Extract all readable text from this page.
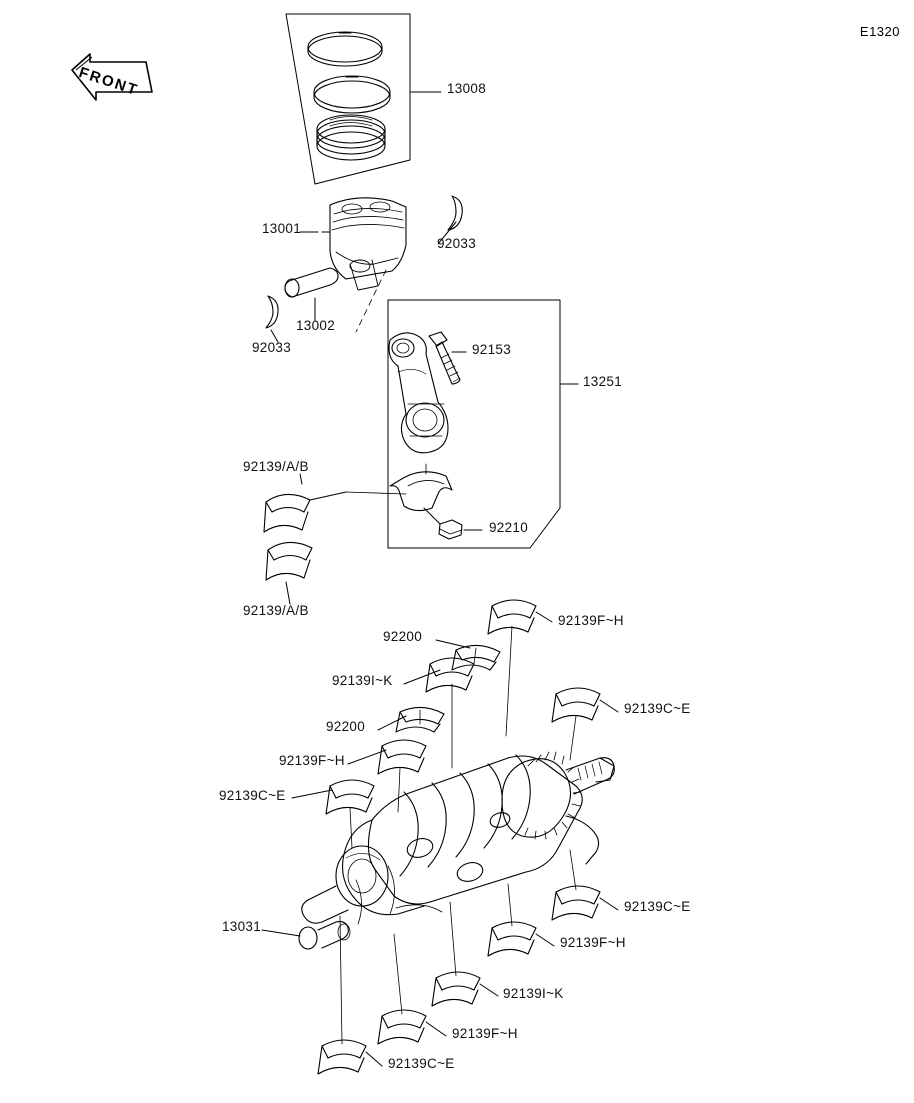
E1320
FRONT	13008
13001
92033
13002
92033	92153
13251
92139/A/B
92210
92139/A/B
92139F~H
92200
92139I~K
92139C~E
92200
92139F~H
92139C~E
92139C~E
13031
92139F~H
92139I~K
92139F~H
92139C~E
